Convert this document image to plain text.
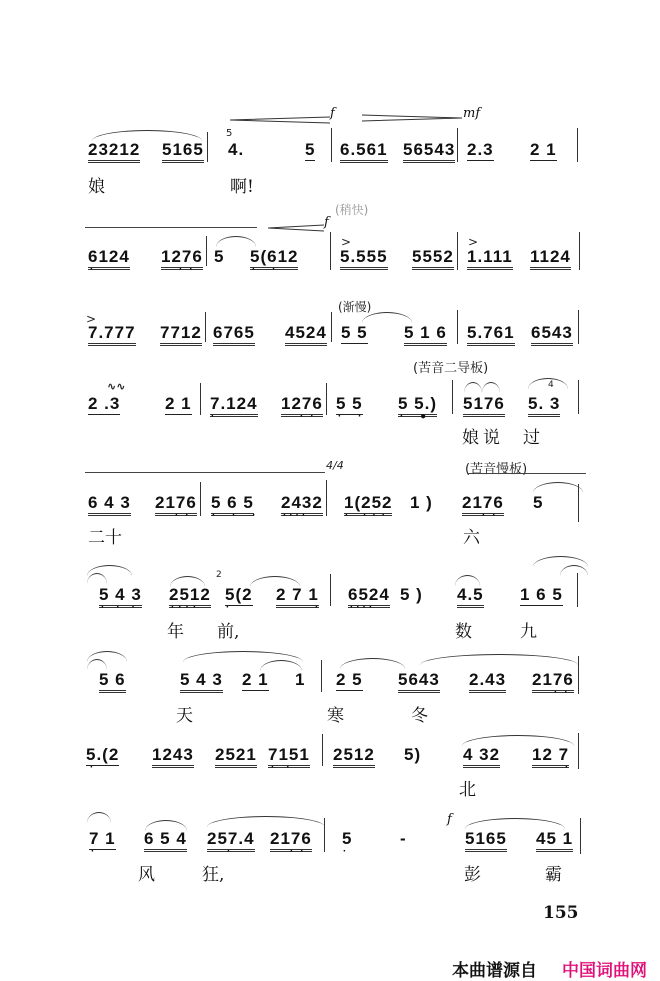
f	mf
5
23212 5165 4.	5 6.561 56543 2.3 2 1
娘	啊!
(稍快)
f
6124
·
1276
··
5 5(612
· ·
>
5.555 5552
>
1.111 1124
(渐慢)
>
7.777 7712 6765 4524 5 5 5 1 6 5.761 6543
(苦音二导板)
∿∿
2 .3	2 1 7.124
·
1276
··
5 5
· ·
5 5.)
· ●
5176
4
5. 3
娘说 过
4/4	(苦音慢板)
6 4 3 2176
··
5 6 5
· · ·
2432
····
1(252
· ···
1 ) 2176
··
5
二十	六
2
5 4 3
···
2512
····
5(2
·
2 7 1
·
6524
····
5 ) 4.5 1 6 5
年 前,	数	九
5 6	5 4 3 2 1 1 2 5 5643 2.43 2176
··
天	寒	冬
5.(2
·
1243 2521 7151
··
2512 5) 4 32 12 7
·
北
f
7 1
·
6 5 4 257.4
·
2176
··
5
·
-	5165 45 1
风	狂,	彭	霸
155
本曲谱源自 中国词曲网
